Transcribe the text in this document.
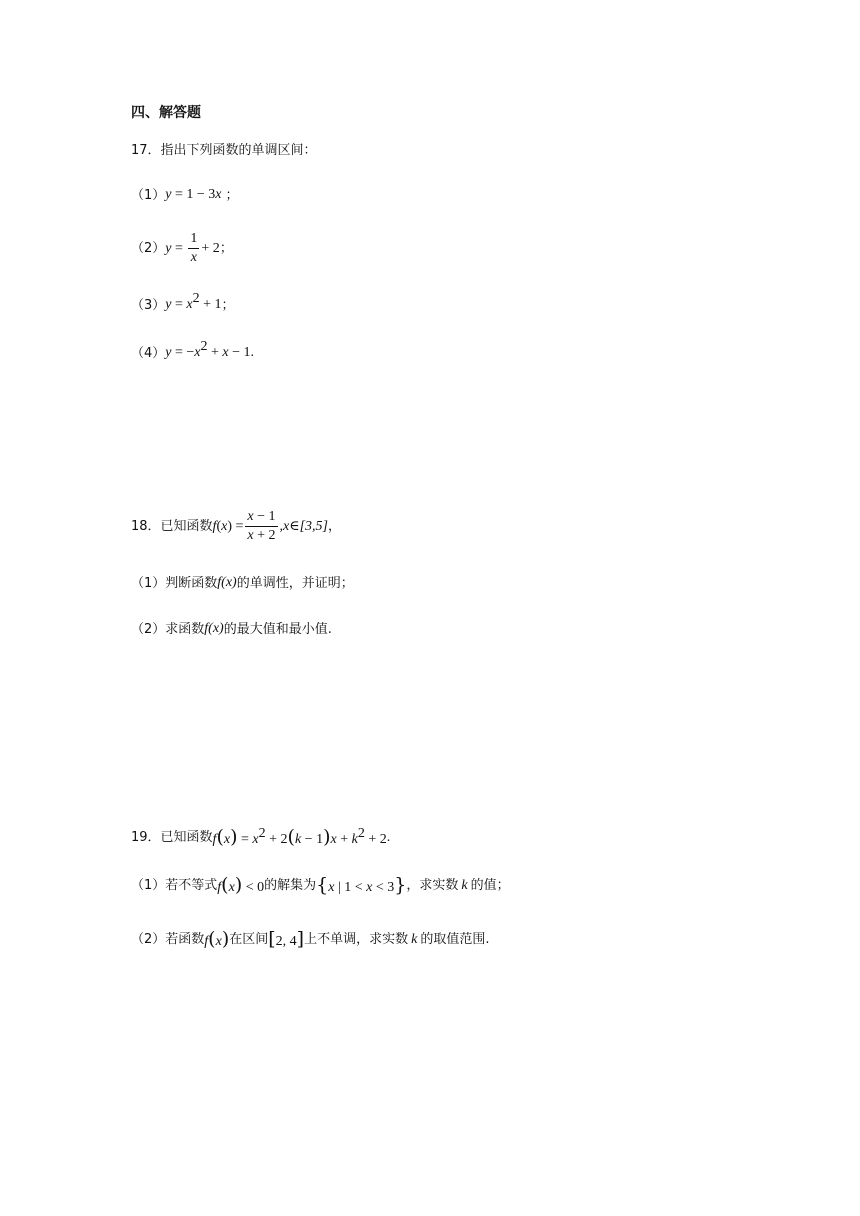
四、解答题
17．指出下列函数的单调区间：
（1） y = 1 − 3x ；
（2） $y = \frac{1}{x} + 2$ ；
（3） $y = x^2 + 1$ ；
（4） $y = -x^2 + x - 1$ .
18．已知函数 f ( x ) = $\frac{x - 1}{x + 2}$ ,x∈[3,5] ，
（1）判断函数 f(x) 的单调性，并证明；
（2）求函数 f(x) 的最大值和最小值.
19．已知函数 $f(x) = x^2 + 2(k - 1)x + k^2 + 2$ .
（1）若不等式 f(x) < 0 的解集为 {x | 1 < x < 3} ，求实数 k 的值；
（2）若函数 f(x) 在区间 [2, 4] 上不单调，求实数 k 的取值范围.
